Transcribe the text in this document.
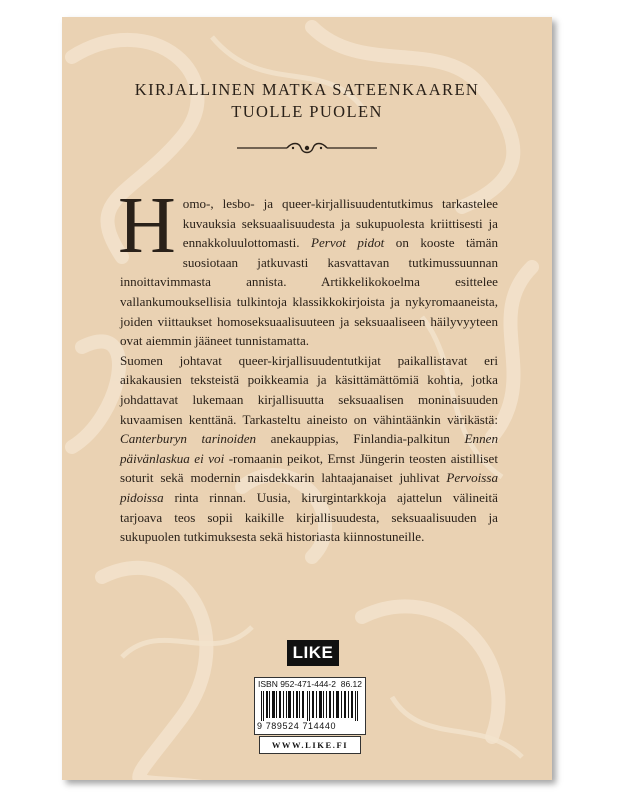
KIRJALLINEN MATKA SATEENKAAREN
TUOLLE PUOLEN

Homo-, lesbo- ja queer-kirjallisuudentutkimus tarkastelee kuvauksia seksuaalisuudesta ja sukupuolesta kriittisesti ja ennakkoluulottomasti. Pervot pidot on kooste tämän suosiotaan jatkuvasti kasvattavan tutkimussuunnan innoittavimmasta annista. Artikkelikokoelma esittelee vallankumouksellisia tulkintoja klassikkokirjoista ja nykyromaaneista, joiden viittaukset homoseksuaalisuuteen ja seksuaaliseen häilyvyyteen ovat aiemmin jääneet tunnistamatta.

Suomen johtavat queer-kirjallisuudentutkijat paikallistavat eri aikakausien teksteistä poikkeamia ja käsittämättömiä kohtia, jotka johdattavat lukemaan kirjallisuutta seksuaalisen moninaisuuden kuvaamisen kenttänä. Tarkasteltu aineisto on vähintäänkin värikästä: Canterburyn tarinoiden anekauppias, Finlandia-palkitun Ennen päivänlaskua ei voi -romaanin peikot, Ernst Jüngerin teosten aistilliset soturit sekä modernin naisdekkarin lahtaajanaiset juhlivat Pervoissa pidoissa rinta rinnan. Uusia, kirurgintarkkoja ajattelun välineitä tarjoava teos sopii kaikille kirjallisuudesta, seksuaalisuuden ja sukupuolen tutkimuksesta sekä historiasta kiinnostuneille.

LIKE
ISBN 952-471-444-2 86.12
9 789524 714440
WWW.LIKE.FI
